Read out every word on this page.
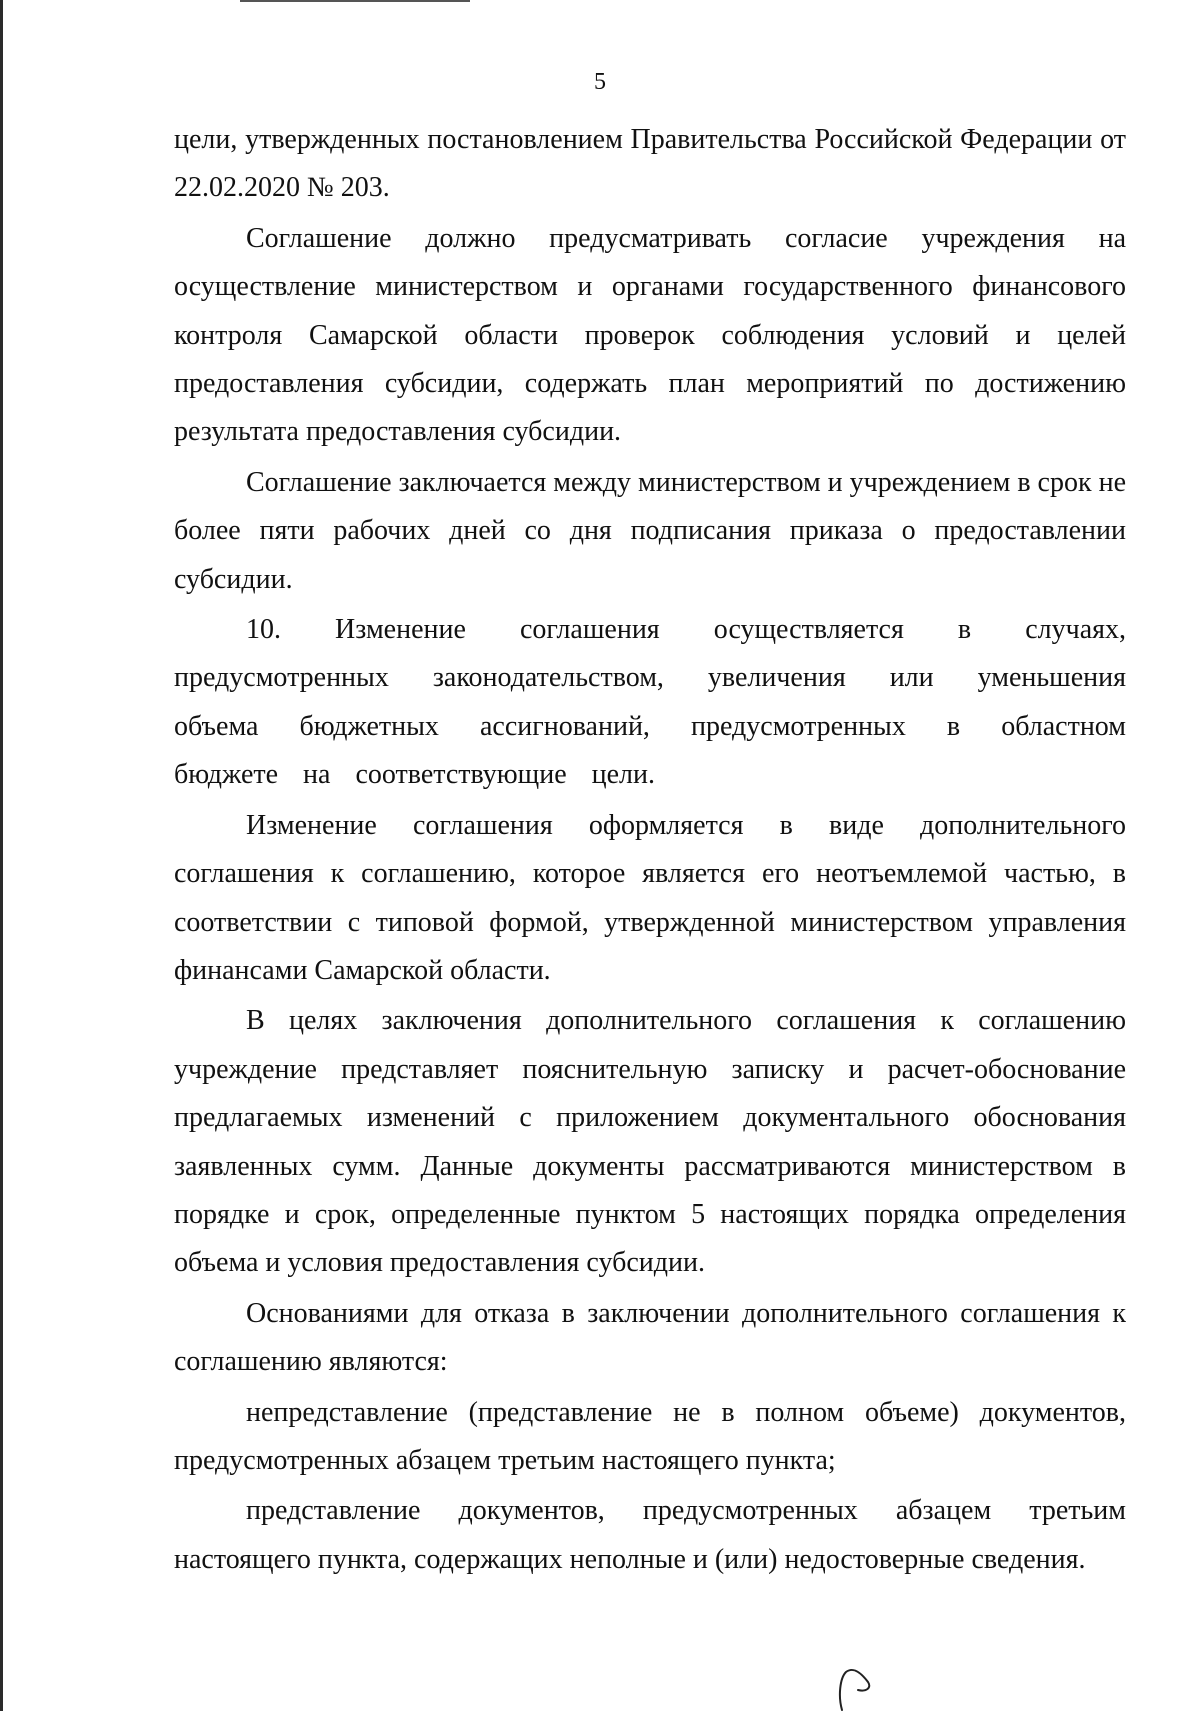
5

цели, утвержденных постановлением Правительства Российской Федерации от 22.02.2020 № 203.

Соглашение должно предусматривать согласие учреждения на осуществление министерством и органами государственного финансового контроля Самарской области проверок соблюдения условий и целей предоставления субсидии, содержать план мероприятий по достижению результата предоставления субсидии.

Соглашение заключается между министерством и учреждением в срок не более пяти рабочих дней со дня подписания приказа о предоставлении субсидии.

10. Изменение соглашения осуществляется в случаях, предусмотренных законодательством, увеличения или уменьшения объема бюджетных ассигнований, предусмотренных в областном бюджете на соответствующие цели.

Изменение соглашения оформляется в виде дополнительного соглашения к соглашению, которое является его неотъемлемой частью, в соответствии с типовой формой, утвержденной министерством управления финансами Самарской области.

В целях заключения дополнительного соглашения к соглашению учреждение представляет пояснительную записку и расчет-обоснование предлагаемых изменений с приложением документального обоснования заявленных сумм. Данные документы рассматриваются министерством в порядке и срок, определенные пунктом 5 настоящих порядка определения объема и условия предоставления субсидии.

Основаниями для отказа в заключении дополнительного соглашения к соглашению являются:

непредставление (представление не в полном объеме) документов, предусмотренных абзацем третьим настоящего пункта;

представление документов, предусмотренных абзацем третьим настоящего пункта, содержащих неполные и (или) недостоверные сведения.
